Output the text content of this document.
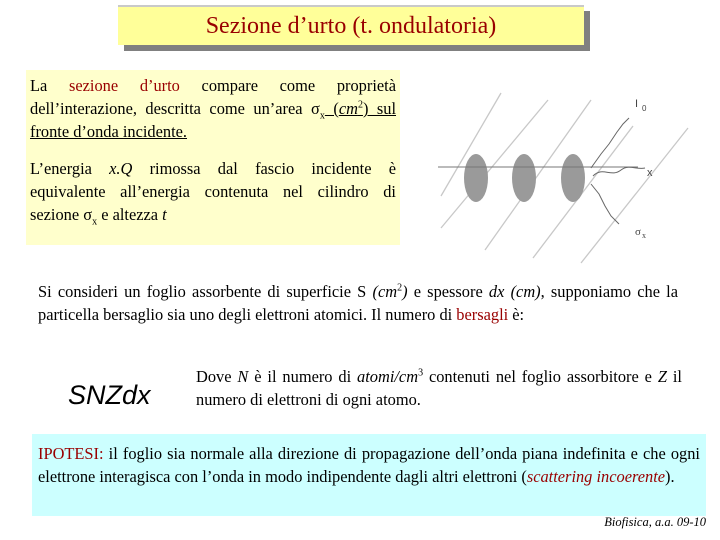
Sezione d’urto (t. ondulatoria)

La sezione d’urto compare come proprietà dell’interazione, descritta come un’area $\sigma_x$ $(cm^2)$ sul fronte d’onda incidente.

L’energia x.Q rimossa dal fascio incidente è equivalente all’energia contenuta nel cilindro di sezione $\sigma_x$ e altezza t

I 0
x
σ x
Si consideri un foglio assorbente di superficie S $(cm^2)$ e spessore dx (cm), supponiamo che la particella bersaglio sia uno degli elettroni atomici. Il numero di bersagli è:
SNZdx
Dove N è il numero di atomi/$cm^3$ contenuti nel foglio assorbitore e Z il numero di elettroni di ogni atomo.
IPOTESI: il foglio sia normale alla direzione di propagazione dell’onda piana indefinita e che ogni elettrone interagisca con l’onda in modo indipendente dagli altri elettroni (scattering incoerente).
Biofisica, a.a. 09-10
